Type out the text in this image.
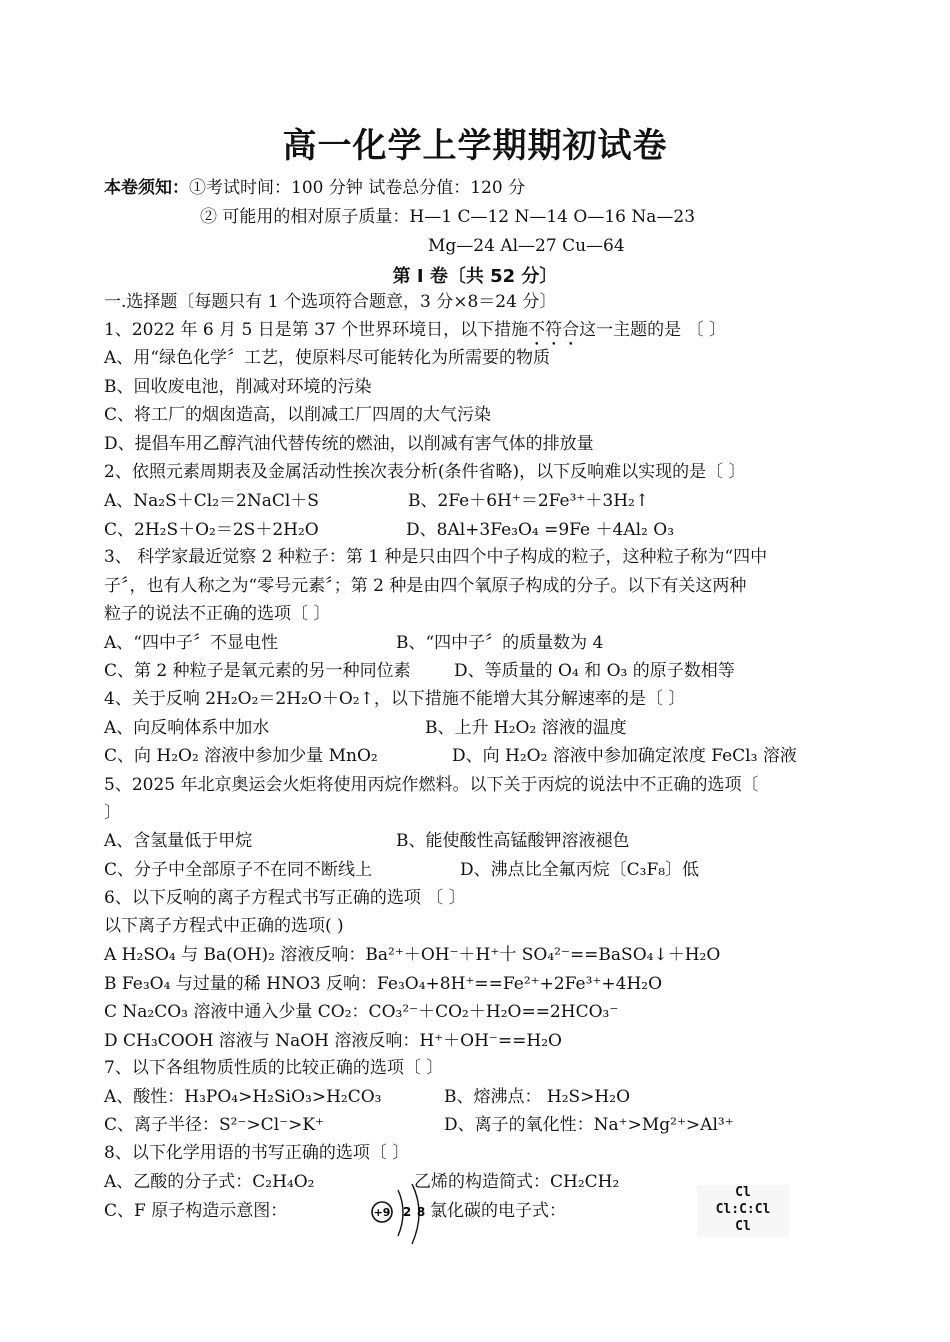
高一化学上学期期初试卷
本卷须知：①考试时间：100 分钟 试卷总分值：120 分
② 可能用的相对原子质量：H—1 C—12 N—14 O—16 Na—23
Mg—24 Al—27 Cu—64
第 I 卷〔共 52 分〕
一.选择题〔每题只有 1 个选项符合题意，3 分×8＝24 分〕
1、2022 年 6 月 5 日是第 37 个世界环境日，以下措施不符合这一主题的是 〔 〕
A、用“绿色化学〞工艺，使原料尽可能转化为所需要的物质
B、回收废电池，削减对环境的污染
C、将工厂的烟囱造高，以削减工厂四周的大气污染
D、提倡车用乙醇汽油代替传统的燃油，以削减有害气体的排放量
2、依照元素周期表及金属活动性挨次表分析(条件省略)，以下反响难以实现的是〔 〕
A、Na₂S＋Cl₂＝2NaCl＋S	B、2Fe＋6H⁺＝2Fe³⁺＋3H₂↑
C、2H₂S＋O₂＝2S＋2H₂O	D、8Al+3Fe₃O₄ =9Fe ＋4Al₂ O₃
3、 科学家最近觉察 2 种粒子：第 1 种是只由四个中子构成的粒子，这种粒子称为“四中
子〞，也有人称之为“零号元素〞；第 2 种是由四个氧原子构成的分子。以下有关这两种
粒子的说法不正确的选项〔 〕
A、“四中子〞不显电性	B、“四中子〞的质量数为 4
C、第 2 种粒子是氧元素的另一种同位素	D、等质量的 O₄ 和 O₃ 的原子数相等
4、关于反响 2H₂O₂＝2H₂O＋O₂↑，以下措施不能增大其分解速率的是〔 〕
A、向反响体系中加水	B、上升 H₂O₂ 溶液的温度
C、向 H₂O₂ 溶液中参加少量 MnO₂	D、向 H₂O₂ 溶液中参加确定浓度 FeCl₃ 溶液
5、2025 年北京奥运会火炬将使用丙烷作燃料。以下关于丙烷的说法中不正确的选项〔
〕
A、含氢量低于甲烷	B、能使酸性高锰酸钾溶液褪色
C、分子中全部原子不在同不断线上	D、沸点比全氟丙烷〔C₃F₈〕低
6、以下反响的离子方程式书写正确的选项 〔 〕
以下离子方程式中正确的选项( )
A H₂SO₄ 与 Ba(OH)₂ 溶液反响：Ba²⁺＋OH⁻＋H⁺十 SO₄²⁻==BaSO₄↓＋H₂O
B Fe₃O₄ 与过量的稀 HNO3 反响：Fe₃O₄+8H⁺==Fe²⁺+2Fe³⁺+4H₂O
C Na₂CO₃ 溶液中通入少量 CO₂：CO₃²⁻＋CO₂＋H₂O==2HCO₃⁻
D CH₃COOH 溶液与 NaOH 溶液反响：H⁺＋OH⁻==H₂O
7、以下各组物质性质的比较正确的选项〔 〕
A、酸性：H₃PO₄>H₂SiO₃>H₂CO₃	B、熔沸点： H₂S>H₂O
C、离子半径：S²⁻>Cl⁻>K⁺	D、离子的氧化性：Na⁺>Mg²⁺>Al³⁺
8、以下化学用语的书写正确的选项〔 〕
A、乙酸的分子式：C₂H₄O₂	乙烯的构造简式：CH₂CH₂
C、F 原子构造示意图：	氯化碳的电子式：
+9 2 8
Cl
Cl:C:Cl
Cl
